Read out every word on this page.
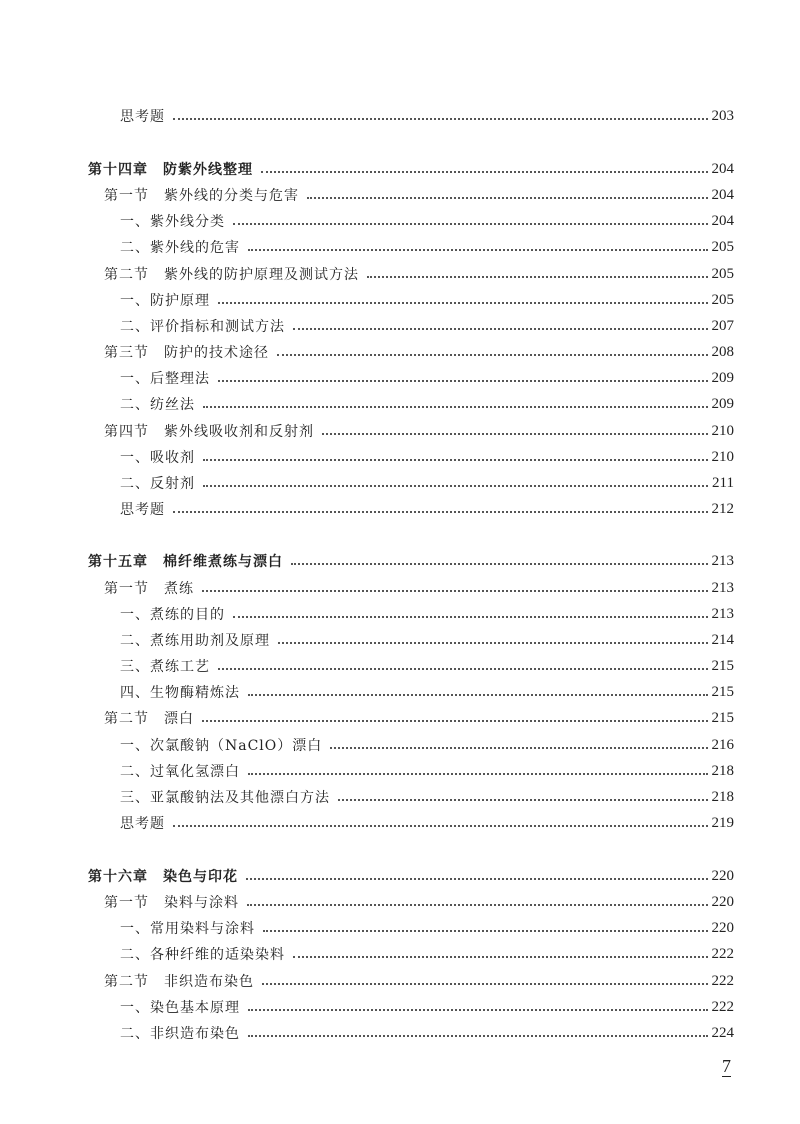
思考题	203
第十四章　防紫外线整理	204
第一节　紫外线的分类与危害	204
一、紫外线分类	204
二、紫外线的危害	205
第二节　紫外线的防护原理及测试方法	205
一、防护原理	205
二、评价指标和测试方法	207
第三节　防护的技术途径	208
一、后整理法	209
二、纺丝法	209
第四节　紫外线吸收剂和反射剂	210
一、吸收剂	210
二、反射剂	211
思考题	212
第十五章　棉纤维煮练与漂白	213
第一节　煮练	213
一、煮练的目的	213
二、煮练用助剂及原理	214
三、煮练工艺	215
四、生物酶精炼法	215
第二节　漂白	215
一、次氯酸钠（NaClO）漂白	216
二、过氧化氢漂白	218
三、亚氯酸钠法及其他漂白方法	218
思考题	219
第十六章　染色与印花	220
第一节　染料与涂料	220
一、常用染料与涂料	220
二、各种纤维的适染染料	222
第二节　非织造布染色	222
一、染色基本原理	222
二、非织造布染色	224
7
